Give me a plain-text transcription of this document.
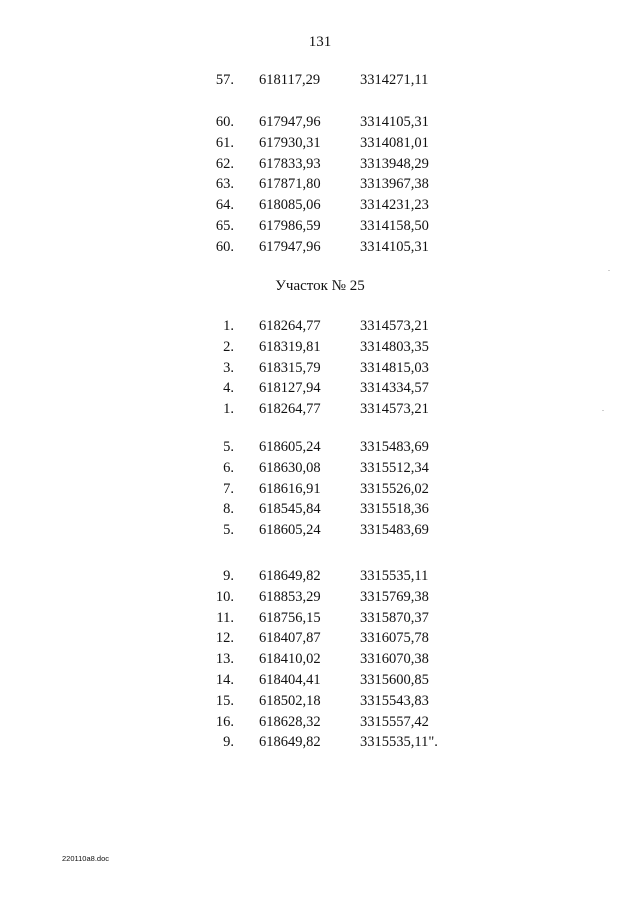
131
57. 618117,29	3314271,11
60. 617947,96	3314105,31
61. 617930,31	3314081,01
62. 617833,93	3313948,29
63. 617871,80	3313967,38
64. 618085,06	3314231,23
65. 617986,59	3314158,50
60. 617947,96	3314105,31
Участок № 25
1. 618264,77	3314573,21
2. 618319,81	3314803,35
3. 618315,79	3314815,03
4. 618127,94	3314334,57
1. 618264,77	3314573,21
5. 618605,24	3315483,69
6. 618630,08	3315512,34
7. 618616,91	3315526,02
8. 618545,84	3315518,36
5. 618605,24	3315483,69
9. 618649,82	3315535,11
10. 618853,29	3315769,38
11. 618756,15	3315870,37
12. 618407,87	3316075,78
13. 618410,02	3316070,38
14. 618404,41	3315600,85
15. 618502,18	3315543,83
16. 618628,32	3315557,42
9. 618649,82	3315535,11".
220110a8.doc
